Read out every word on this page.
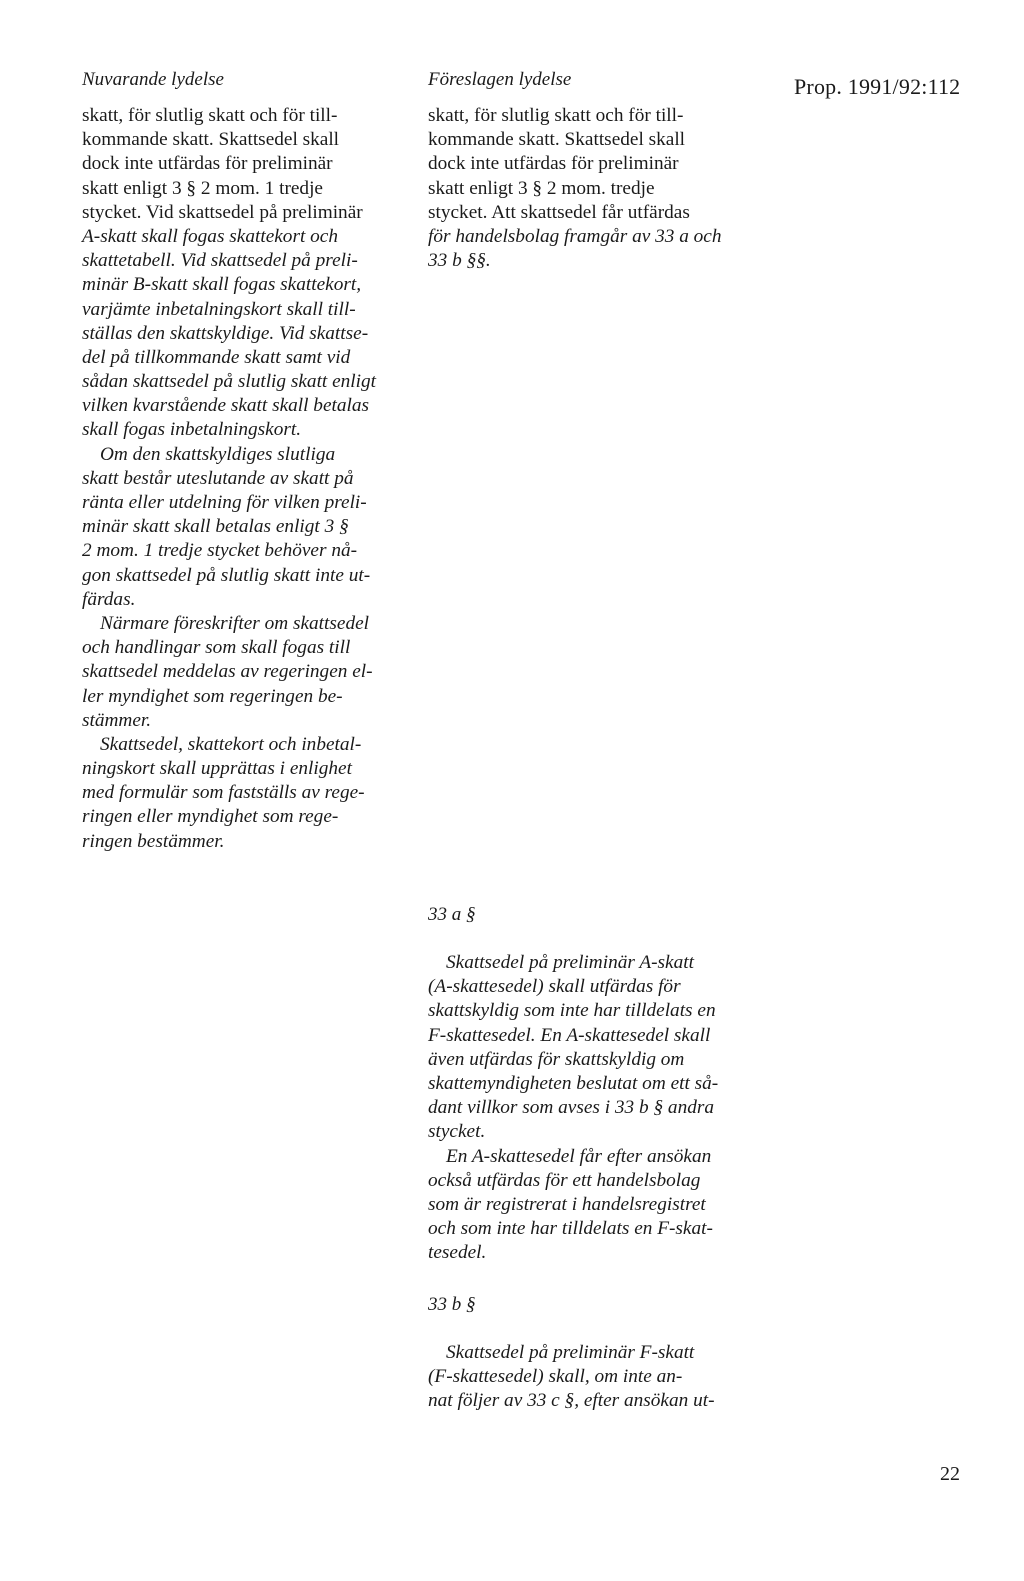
Nuvarande lydelse	Föreslagen lydelse	Prop. 1991/92:112
skatt, för slutlig skatt och för till-
kommande skatt. Skattsedel skall
dock inte utfärdas för preliminär
skatt enligt 3 § 2 mom. 1 tredje
stycket. Vid skattsedel på preliminär
A-skatt skall fogas skattekort och
skattetabell. Vid skattsedel på preli-
minär B-skatt skall fogas skattekort,
varjämte inbetalningskort skall till-
ställas den skattskyldige. Vid skattse-
del på tillkommande skatt samt vid
sådan skattsedel på slutlig skatt enligt
vilken kvarstående skatt skall betalas
skall fogas inbetalningskort.
Om den skattskyldiges slutliga
skatt består uteslutande av skatt på
ränta eller utdelning för vilken preli-
minär skatt skall betalas enligt 3 §
2 mom. 1 tredje stycket behöver nå-
gon skattsedel på slutlig skatt inte ut-
färdas.
Närmare föreskrifter om skattsedel
och handlingar som skall fogas till
skattsedel meddelas av regeringen el-
ler myndighet som regeringen be-
stämmer.
Skattsedel, skattekort och inbetal-
ningskort skall upprättas i enlighet
med formulär som fastställs av rege-
ringen eller myndighet som rege-
ringen bestämmer.
skatt, för slutlig skatt och för till-
kommande skatt. Skattsedel skall
dock inte utfärdas för preliminär
skatt enligt 3 § 2 mom. tredje
stycket. Att skattsedel får utfärdas
för handelsbolag framgår av 33 a och
33 b §§.
33 a §
Skattsedel på preliminär A-skatt
(A-skattesedel) skall utfärdas för
skattskyldig som inte har tilldelats en
F-skattesedel. En A-skattesedel skall
även utfärdas för skattskyldig om
skattemyndigheten beslutat om ett så-
dant villkor som avses i 33 b § andra
stycket.
En A-skattesedel får efter ansökan
också utfärdas för ett handelsbolag
som är registrerat i handelsregistret
och som inte har tilldelats en F-skat-
tesedel.
33 b §
Skattsedel på preliminär F-skatt
(F-skattesedel) skall, om inte an-
nat följer av 33 c §, efter ansökan ut-
22
